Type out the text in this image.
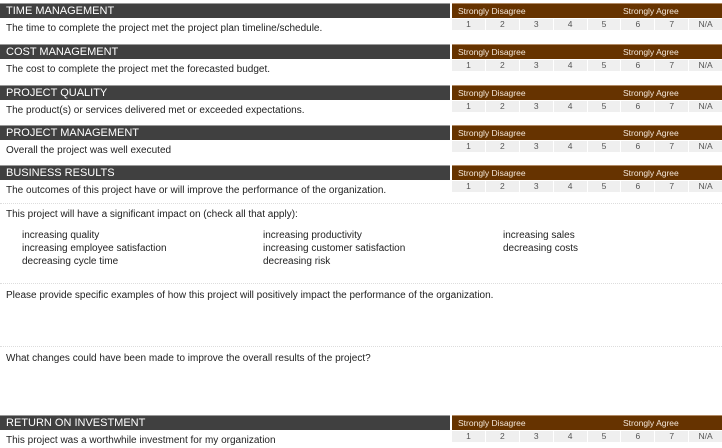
TIME MANAGEMENT	Strongly Disagree	Strongly Agree
1	2	3	4	5	6	7	N/A
The time to complete the project met the project plan timeline/schedule.
COST MANAGEMENT	Strongly Disagree	Strongly Agree
1	2	3	4	5	6	7	N/A
The cost to complete the project met the forecasted budget.
PROJECT QUALITY	Strongly Disagree	Strongly Agree
1	2	3	4	5	6	7	N/A
The product(s) or services delivered met or exceeded expectations.
PROJECT MANAGEMENT	Strongly Disagree	Strongly Agree
1	2	3	4	5	6	7	N/A
Overall the project was well executed
BUSINESS RESULTS	Strongly Disagree	Strongly Agree
1	2	3	4	5	6	7	N/A
The outcomes of this project have or will improve the performance of the organization.
This project will have a significant impact on (check all that apply):
increasing quality	increasing productivity	increasing sales
increasing employee satisfaction	increasing customer satisfaction	decreasing costs
decreasing cycle time	decreasing risk
Please provide specific examples of how this project will positively impact the performance of the organization.
What changes could have been made to improve the overall results of the project?
RETURN ON INVESTMENT	Strongly Disagree	Strongly Agree
1	2	3	4	5	6	7	N/A
This project was a worthwhile investment for my organization
